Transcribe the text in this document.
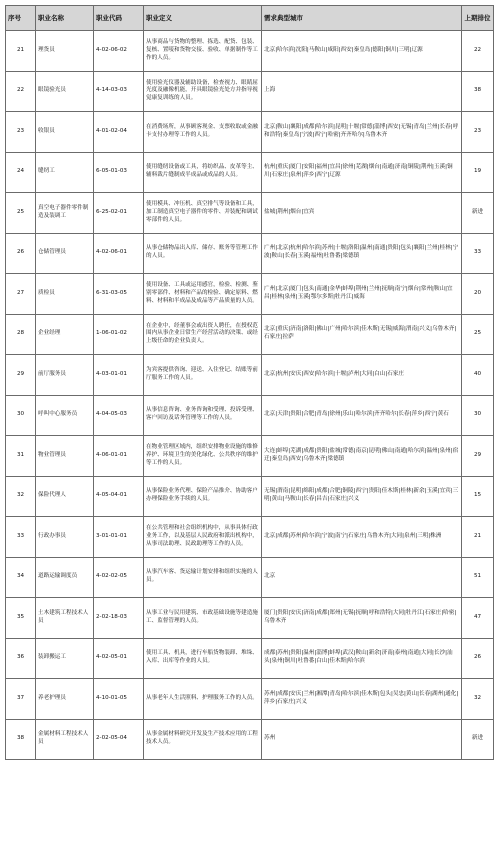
序号	职业名称	职业代码	职业定义	需求典型城市	上期排位
21	理货员	4-02-06-02	从事商品与货物的整理、拣选、配货、包装、复核、置唛和货物交接、验收、单据制作等工作的人员。	北京|哈尔滨|沈阳|马鞍山|咸阳|西安|秦皇岛|德阳|铜川|三明|辽源	22
22	眼镜验光员	4-14-03-03	使用验光仪器及辅助设备，检查视力、眼睛屈光度及融像机能，开具眼镜验光处方并指导视觉康复训练的人员。	上海	38
23	收银员	4-01-02-04	在消费场所，从事顾客现金、支票收取或金融卡支付办理等工作的人员。	北京|鞍山|襄阳|成都|哈尔滨|昆明|十堰|常德|淄博|西安|无锡|青岛|兰州|长春|呼和浩特|秦皇岛|宁波|西宁|哈密|齐齐哈尔|乌鲁木齐	23
24	缝纫工	6-05-01-03	使用缝纫设备或工具，将纺织品、皮革等主、辅料裁片缝制成半成品或成品的人员。	杭州|重庆|厦门|安阳|福州|宜昌|徐州|芜湖|烟台|南通|济南|铜陵|荆州|玉溪|铜川|石家庄|泉州|萍乡|西宁|辽源	19
25	真空电子器件零件制造及装调工	6-25-02-01	使用模具、冲压机、真空排气等设备和工具，加工制造真空电子器件的零件、并装配和调试零部件的人员。	盐城|荆州|烟台|宜宾	新进
26	仓储管理员	4-02-06-01	从事仓储物品出入库、储存、账务等管理工作的人员。	广州|北京|杭州|哈尔滨|苏州|十堰|洛阳|温州|南通|贵阳|包头|襄阳|兰州|桂林|宁波|鞍山|长春|玉溪|福州|吐鲁番|梁德镇	33
27	质检员	6-31-03-05	使用设备、工具或运用感官，检验、检测、鉴别零部件、材料和产品的检验、确定原料、燃料、材料和半成品及成品等产品质量的人员。	广州|北京|厦门|包头|南通|金华|蚌埠|荆州|兰州|抚顺|南宁|烟台|常州|鞍山|宜昌|桂林|泉州|玉溪|鄂尔多斯|牡丹江|威海	20
28	企业经理	1-06-01-02	在企业中，经董事会或出资人聘任，在授权范围内从事企业日常生产经营活动的决策、或经上级任命的企业负责人。	北京|重庆|济南|洛阳|佛山|广州|哈尔滨|佳木斯|无锡|威海|渭南|兴义|乌鲁木齐|石家庄|拉萨	25
29	前厅服务员	4-03-01-01	为宾客提供咨询、迎送、入住登记、结账等前厅服务工作的人员。	北京|杭州|安庆|西安|哈尔滨|十堰|泸州|大同|白山|石家庄	40
30	呼叫中心服务员	4-04-05-03	从事信息咨询、业务咨询和受理、投诉受理、客户回访及话务管理等工作的人员。	北京|天津|贵阳|合肥|青岛|徐州|乐山|哈尔滨|齐齐哈尔|长春|萍乡|西宁|黄石	30
31	物业管理员	4-06-01-01	在物业管理区域内，组织安排物业设施的维修养护、环境卫生的美化绿化、公共秩序的维护等工作的人员。	大连|蚌埠|芜湖|成都|贵阳|盐城|常德|南京|昆明|佛山|南通|哈尔滨|温州|泉州|宿迁|秦皇岛|西安|乌鲁木齐|梁德镇	29
32	保险代理人	4-05-04-01	从事保险业务代理、保险产品推介、协助客户办理保险业务手续的人员。	无锡|渭南|昆明|绵阳|成都|合肥|铜陵|西宁|贵阳|佳木斯|桂林|新余|玉溪|宜宾|三明|黄山|马鞍山|长春|昌吉|石家庄|兴义	15
33	行政办事员	3-01-01-01	在公共管理和社会组织机构中，从事具体行政业务工作，以及基层人民政府和派出机构中，从事司法助理、民政助理等工作的人员。	北京|成都|苏州|哈尔滨|宁波|南宁|石家庄|乌鲁木齐|大同|泉州|三明|株洲	21
34	道路运输调度员	4-02-02-05	从事汽车客、货运输计划安排和组织实施的人员。	北京	51
35	土木建筑工程技术人员	2-02-18-03	从事工业与民用建筑、市政基础设施等建造施工、监督管理的人员。	厦门|贵阳|安庆|济南|成都|郑州|无锡|抚顺|呼和浩特|大同|牡丹江|石家庄|哈密|乌鲁木齐	47
36	装卸搬运工	4-02-05-01	使用工具、机具，进行车船货物装卸、堆垛、入库、出库等作业的人员。	成都|苏州|贵阳|温州|淄博|蚌埠|武汉|鞍山|新余|济南|泰州|南通|大同|长沙|汕头|泉州|铜川|吐鲁番|白山|佳木斯|哈尔滨	26
37	养老护理员	4-10-01-05	从事老年人生活照料、护理服务工作的人员。	苏州|成都|安庆|兰州|湘潭|青岛|哈尔滨|佳木斯|包头|吴忠|黄山|长春|湖州|通化|萍乡|石家庄|兴义	32
38	金属材料工程技术人员	2-02-05-04	从事金属材料研究开发及生产技术应用的工程技术人员。	苏州	新进
